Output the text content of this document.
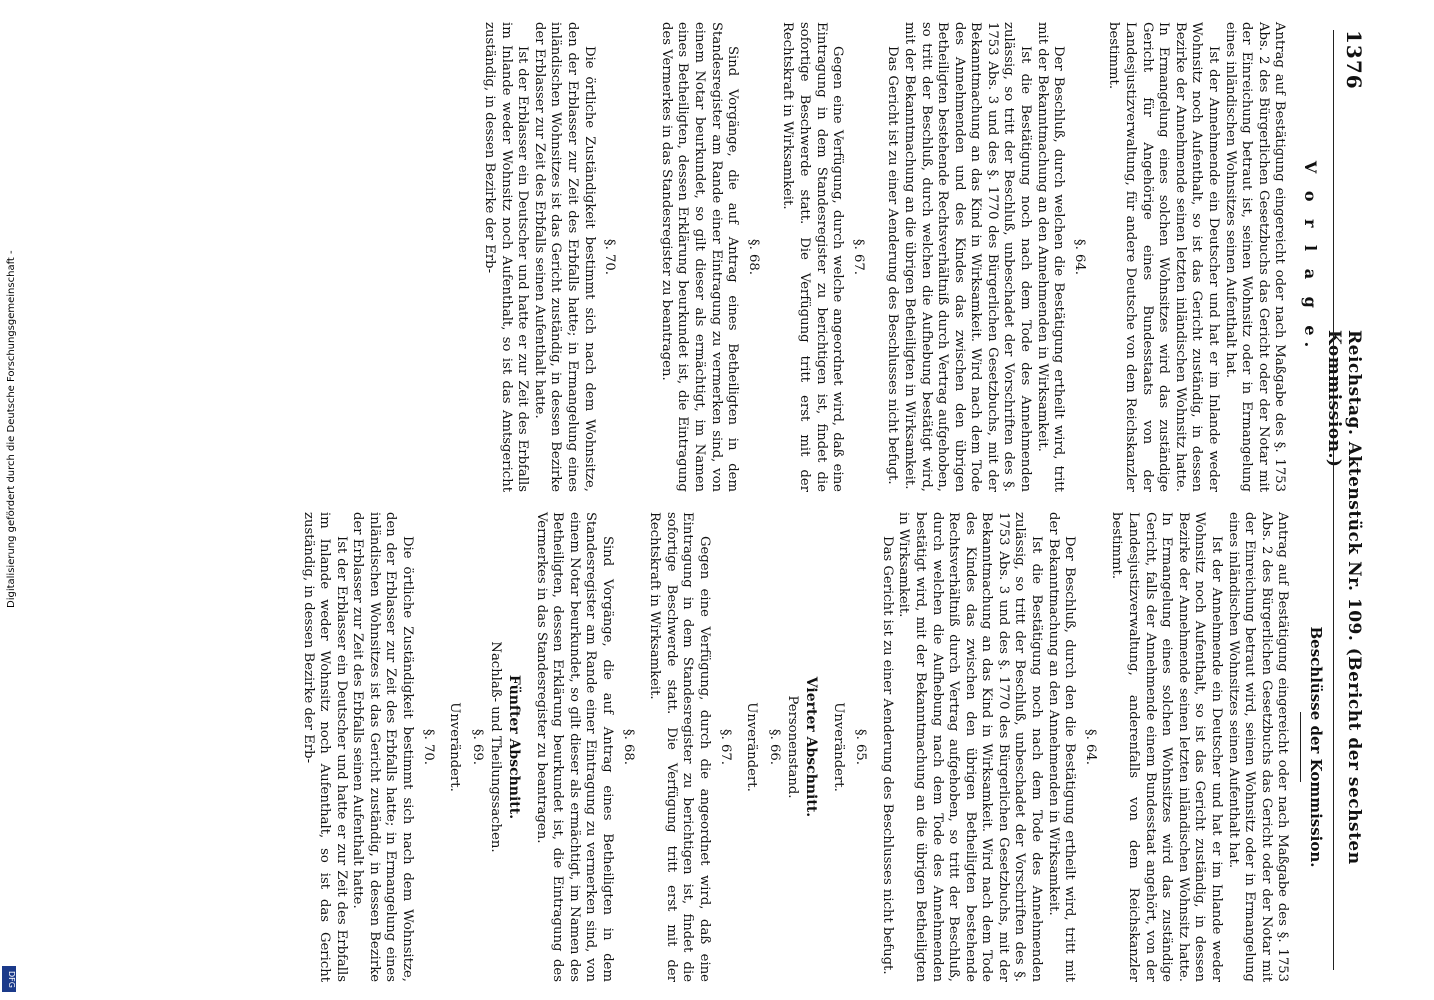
1376
Reichstag. Aktenstück Nr. 109. (Bericht der sechsten Kommission.)
V o r l a g e.

Antrag auf Bestätigung eingereicht oder nach Maßgabe des §. 1753 Abs. 2 des Bürgerlichen Gesetzbuchs das Gericht oder der Notar mit der Einreichung betraut ist, seinen Wohnsitz oder in Ermangelung eines inländischen Wohnsitzes seinen Aufenthalt hat.

Ist der Annehmende ein Deutscher und hat er im Inlande weder Wohnsitz noch Aufenthalt, so ist das Gericht zuständig, in dessen Bezirke der Annehmende seinen letzten inländischen Wohnsitz hatte. In Ermangelung eines solchen Wohnsitzes wird das zuständige Gericht für Angehörige eines Bundesstaats von der Landesjustizverwaltung, für andere Deutsche von dem Reichskanzler bestimmt.

§. 64.

Der Beschluß, durch welchen die Bestätigung ertheilt wird, tritt mit der Bekanntmachung an den Annehmenden in Wirksamkeit.

Ist die Bestätigung noch nach dem Tode des Annehmenden zulässig, so tritt der Beschluß, unbeschadet der Vorschriften des §. 1753 Abs. 3 und des §. 1770 des Bürgerlichen Gesetzbuchs, mit der Bekanntmachung an das Kind in Wirksamkeit. Wird nach dem Tode des Annehmenden und des Kindes das zwischen den übrigen Betheiligten bestehende Rechtsverhältniß durch Vertrag aufgehoben, so tritt der Beschluß, durch welchen die Aufhebung bestätigt wird, mit der Bekanntmachung an die übrigen Betheiligten in Wirksamkeit.

Das Gericht ist zu einer Aenderung des Beschlusses nicht befugt.

§. 67.

Gegen eine Verfügung, durch welche angeordnet wird, daß eine Eintragung in dem Standesregister zu berichtigen ist, findet die sofortige Beschwerde statt. Die Verfügung tritt erst mit der Rechtskraft in Wirksamkeit.

§. 68.

Sind Vorgänge, die auf Antrag eines Betheiligten in dem Standesregister am Rande einer Eintragung zu vermerken sind, von einem Notar beurkundet, so gilt dieser als ermächtigt, im Namen eines Betheiligten, dessen Erklärung beurkundet ist, die Eintragung des Vermerkes in das Standesregister zu beantragen.

§. 70.

Die örtliche Zuständigkeit bestimmt sich nach dem Wohnsitze, den der Erblasser zur Zeit des Erbfalls hatte; in Ermangelung eines inländischen Wohnsitzes ist das Gericht zuständig, in dessen Bezirke der Erblasser zur Zeit des Erbfalls seinen Aufenthalt hatte.

Ist der Erblasser ein Deutscher und hatte er zur Zeit des Erbfalls im Inlande weder Wohnsitz noch Aufenthalt, so ist das Amtsgericht zuständig, in dessen Bezirke der Erb-

Beschlüsse der Kommission.

Antrag auf Bestätigung eingereicht oder nach Maßgabe des §. 1753 Abs. 2 des Bürgerlichen Gesetzbuchs das Gericht oder der Notar mit der Einreichung betraut wird, seinen Wohnsitz oder in Ermangelung eines inländischen Wohnsitzes seinen Aufenthalt hat.

Ist der Annehmende ein Deutscher und hat er im Inlande weder Wohnsitz noch Aufenthalt, so ist das Gericht zuständig, in dessen Bezirke der Annehmende seinen letzten inländischen Wohnsitz hatte. In Ermangelung eines solchen Wohnsitzes wird das zuständige Gericht, falls der Annehmende einem Bundesstaat angehört, von der Landesjustizverwaltung, anderenfalls von dem Reichskanzler bestimmt.

§. 64.

Der Beschluß, durch den die Bestätigung ertheilt wird, tritt mit der Bekanntmachung an den Annehmenden in Wirksamkeit.

Ist die Bestätigung noch nach dem Tode des Annehmenden zulässig, so tritt der Beschluß, unbeschadet der Vorschriften des §. 1753 Abs. 3 und des §. 1770 des Bürgerlichen Gesetzbuchs, mit der Bekanntmachung an das Kind in Wirksamkeit. Wird nach dem Tode des Kindes das zwischen den übrigen Betheiligten bestehende Rechtsverhältniß durch Vertrag aufgehoben, so tritt der Beschluß, durch welchen die Aufhebung nach dem Tode des Annehmenden bestätigt wird, mit der Bekanntmachung an die übrigen Betheiligten in Wirksamkeit.

Das Gericht ist zu einer Aenderung des Beschlusses nicht befugt.

§. 65.
Unverändert.
Vierter Abschnitt.
Personenstand.
§. 66.
Unverändert.
§. 67.

Gegen eine Verfügung, durch die angeordnet wird, daß eine Eintragung in dem Standesregister zu berichtigen ist, findet die sofortige Beschwerde statt. Die Verfügung tritt erst mit der Rechtskraft in Wirksamkeit.

§. 68.

Sind Vorgänge, die auf Antrag eines Betheiligten in dem Standesregister am Rande einer Eintragung zu vermerken sind, von einem Notar beurkundet, so gilt dieser als ermächtigt, im Namen des Betheiligten, dessen Erklärung beurkundet ist, die Eintragung des Vermerkes in das Standesregister zu beantragen.

Fünfter Abschnitt.
Nachlaß- und Theilungssachen.
§. 69.
Unverändert.
§. 70.

Die örtliche Zuständigkeit bestimmt sich nach dem Wohnsitze, den der Erblasser zur Zeit des Erbfalls hatte; in Ermangelung eines inländischen Wohnsitzes ist das Gericht zuständig, in dessen Bezirke der Erblasser zur Zeit des Erbfalls seinen Aufenthalt hatte.

Ist der Erblasser ein Deutscher und hatte er zur Zeit des Erbfalls im Inlande weder Wohnsitz noch Aufenthalt, so ist das Gericht zuständig, in dessen Bezirke der Erb-

Digitalisierung gefördert durch die Deutsche Forschungsgemeinschaft -
DFG
